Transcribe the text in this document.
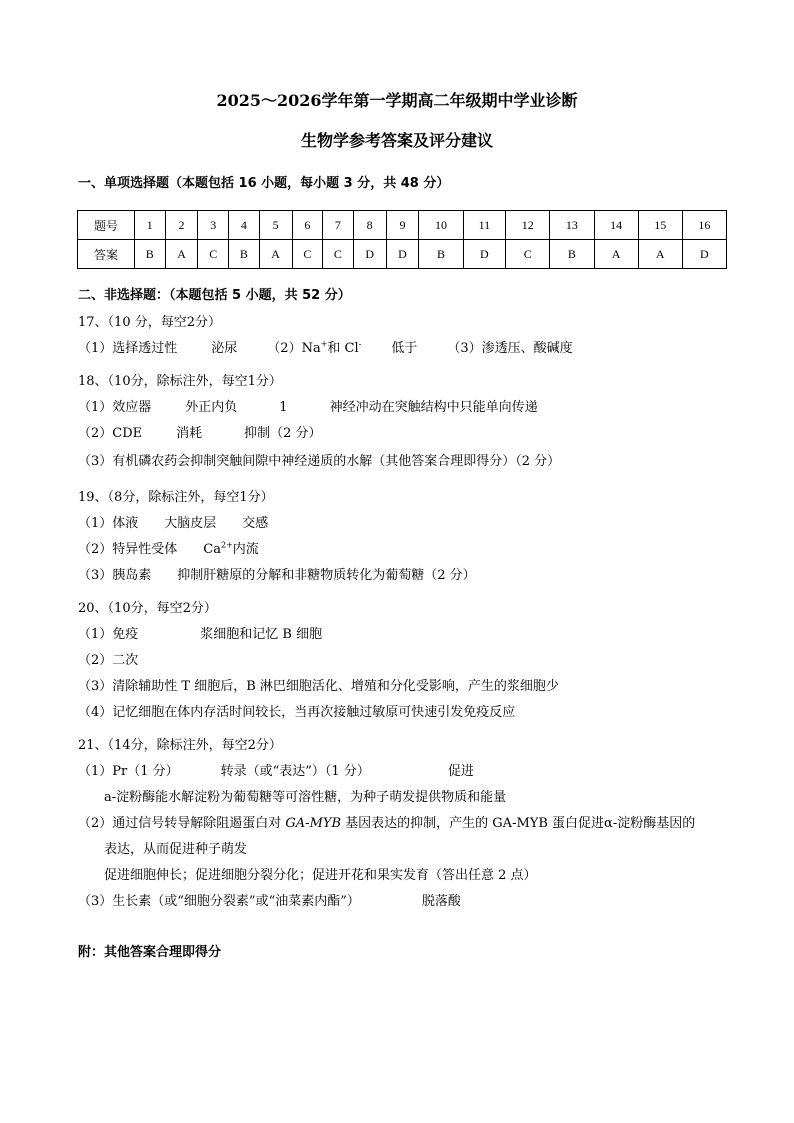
2025～2026学年第一学期高二年级期中学业诊断
生物学参考答案及评分建议
一、单项选择题（本题包括 16 小题，每小题 3 分，共 48 分）
题号	1	2	3	4	5	6	7	8	9	10	11	12	13	14	15	16
答案	B	A	C	B	A	C	C	D	D	B	D	C	B	A	A	D
二、非选择题：（本题包括 5 小题，共 52 分）
17、（10 分，每空2分）
（1）选择透过性	泌尿 （2）Na+和 Cl- 低于 （3）渗透压、酸碱度
18、（10分，除标注外，每空1分）
（1）效应器	外正内负	1	神经冲动在突触结构中只能单向传递
（2）CDE	消耗	抑制（2 分）
（3）有机磷农药会抑制突触间隙中神经递质的水解（其他答案合理即得分）（2 分）
19、（8分，除标注外，每空1分）
（1）体液 大脑皮层 交感
（2）特异性受体 $Ca^{2+}$内流
（3）胰岛素 抑制肝糖原的分解和非糖物质转化为葡萄糖（2 分）
20、（10分，每空2分）
（1）免疫	浆细胞和记忆 B 细胞
（2）二次
（3）清除辅助性 T 细胞后，B 淋巴细胞活化、增殖和分化受影响，产生的浆细胞少
（4）记忆细胞在体内存活时间较长，当再次接触过敏原可快速引发免疫反应
21、（14分，除标注外，每空2分）
（1）Pr（1 分）	转录（或“表达”）（1 分）	促进
a-淀粉酶能水解淀粉为葡萄糖等可溶性糖，为种子萌发提供物质和能量
（2）通过信号转导解除阻遏蛋白对 GA-MYB 基因表达的抑制，产生的 GA-MYB 蛋白促进α-淀粉酶基因的
表达，从而促进种子萌发
促进细胞伸长；促进细胞分裂分化；促进开花和果实发育（答出任意 2 点）
（3）生长素（或“细胞分裂素”或“油菜素内酯”）	脱落酸
附：其他答案合理即得分
